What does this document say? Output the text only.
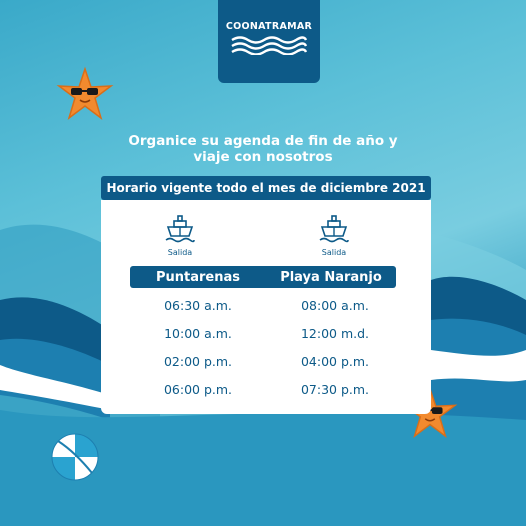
COONATRAMAR
Organice su agenda de fin de año y
viaje con nosotros
Horario vigente todo el mes de diciembre 2021
Salida	Salida
Puntarenas	Playa Naranjo
06:30 a.m.
10:00 a.m.
02:00 p.m.
06:00 p.m.
08:00 a.m.
12:00 m.d.
04:00 p.m.
07:30 p.m.
